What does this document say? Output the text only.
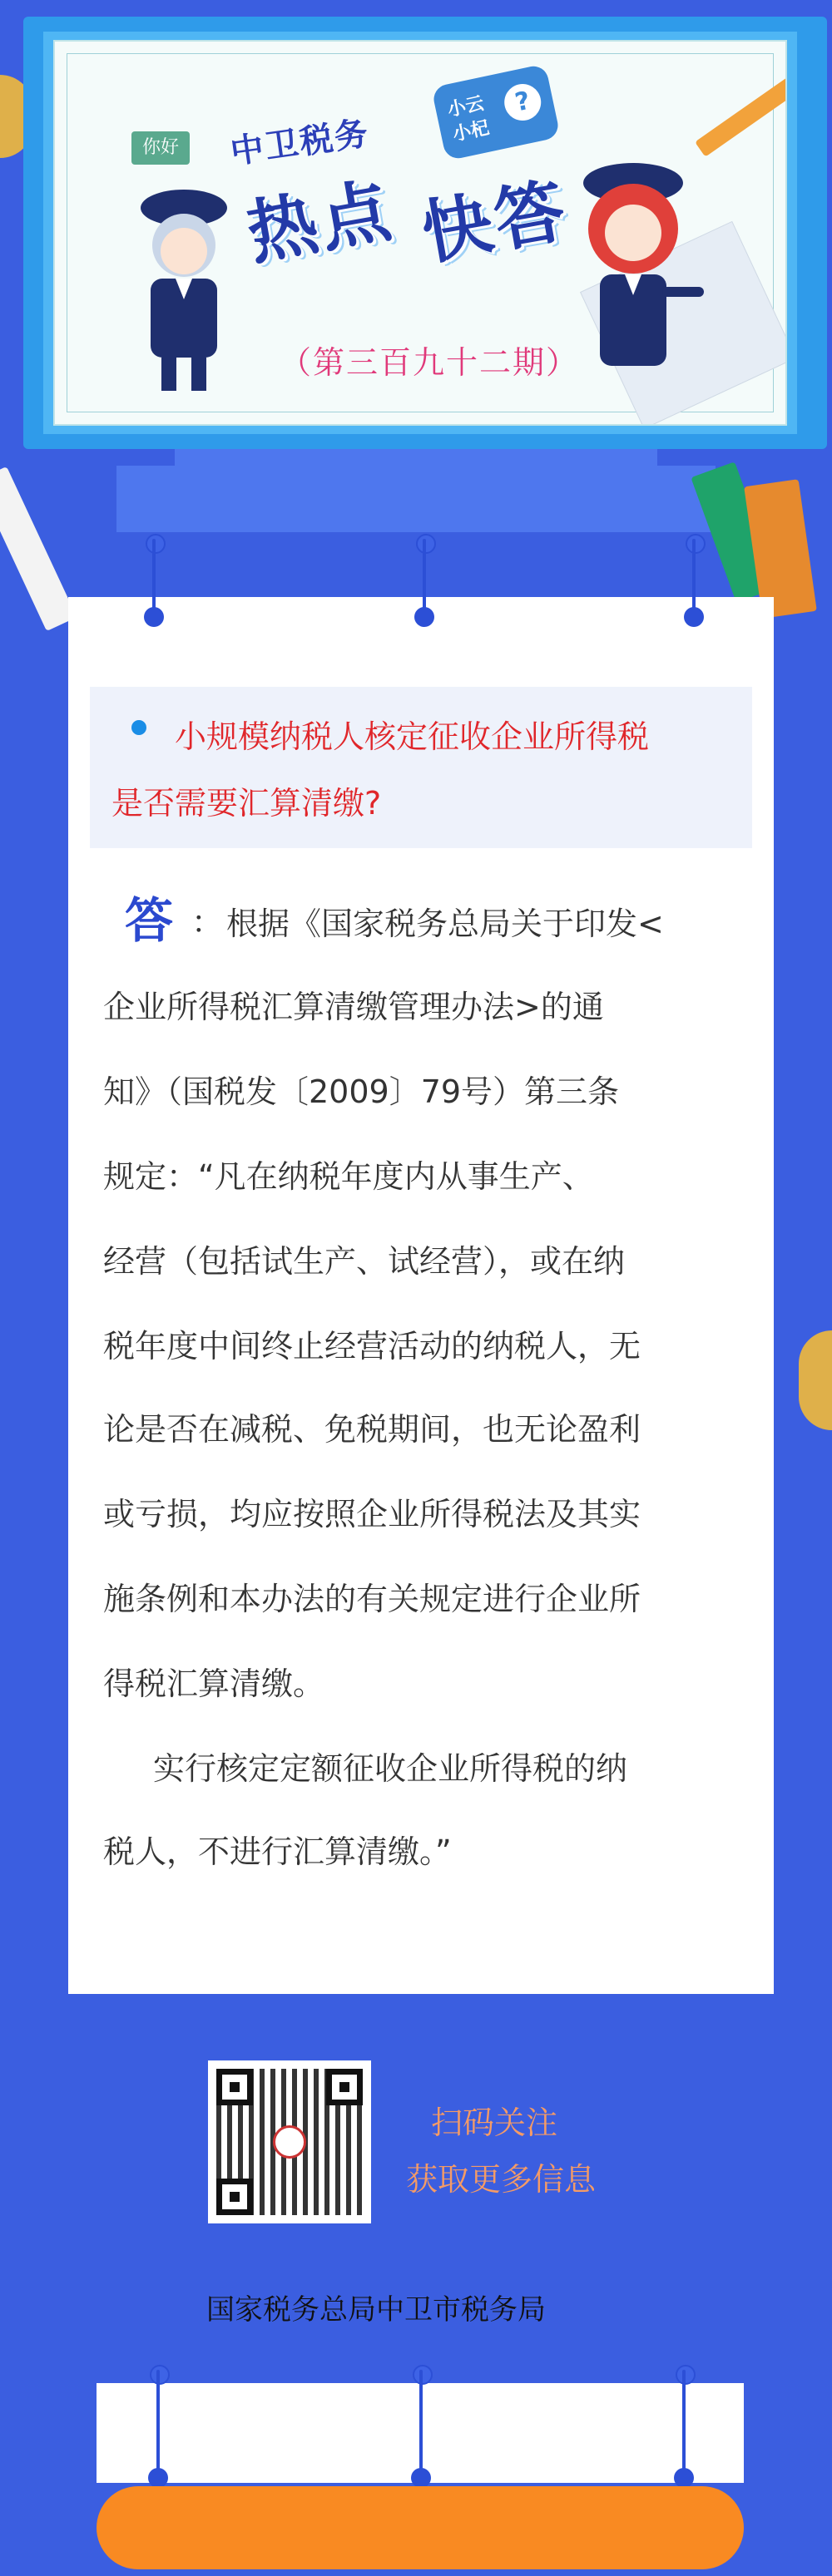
你好
小云
小杞
?
中卫税务
热点 快答
（第三百九十二期）
小规模纳税人核定征收企业所得税
是否需要汇算清缴?
答 ： 根据《国家税务总局关于印发<
企业所得税汇算清缴管理办法>的通
知》（国税发〔2009〕79号）第三条
规定：“凡在纳税年度内从事生产、
经营（包括试生产、试经营），或在纳
税年度中间终止经营活动的纳税人，无
论是否在减税、免税期间，也无论盈利
或亏损，均应按照企业所得税法及其实
施条例和本办法的有关规定进行企业所
得税汇算清缴。
实行核定定额征收企业所得税的纳
税人，不进行汇算清缴。”
扫码关注
获取更多信息
国家税务总局中卫市税务局
